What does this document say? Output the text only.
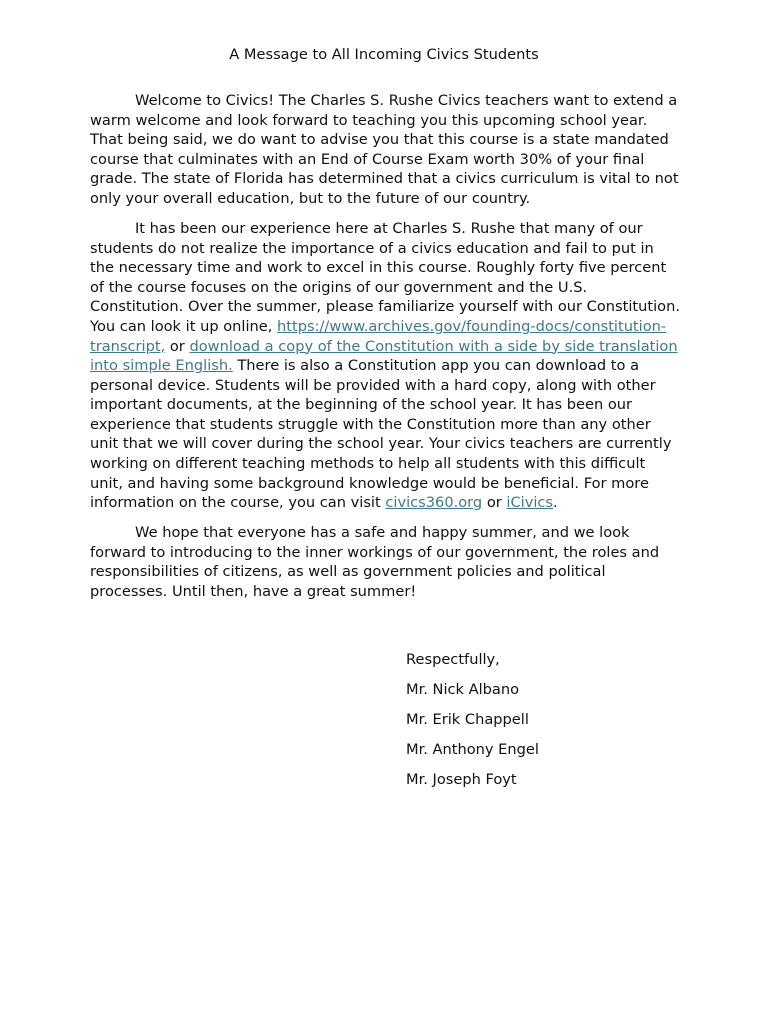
A Message to All Incoming Civics Students

Welcome to Civics! The Charles S. Rushe Civics teachers want to extend a warm welcome and look forward to teaching you this upcoming school year. That being said, we do want to advise you that this course is a state mandated course that culminates with an End of Course Exam worth 30% of your final grade. The state of Florida has determined that a civics curriculum is vital to not only your overall education, but to the future of our country.

It has been our experience here at Charles S. Rushe that many of our students do not realize the importance of a civics education and fail to put in the necessary time and work to excel in this course. Roughly forty five percent of the course focuses on the origins of our government and the U.S. Constitution. Over the summer, please familiarize yourself with our Constitution. You can look it up online, https://www.archives.gov/founding-docs/constitution-transcript, or download a copy of the Constitution with a side by side translation into simple English. There is also a Constitution app you can download to a personal device. Students will be provided with a hard copy, along with other important documents, at the beginning of the school year. It has been our experience that students struggle with the Constitution more than any other unit that we will cover during the school year. Your civics teachers are currently working on different teaching methods to help all students with this difficult unit, and having some background knowledge would be beneficial. For more information on the course, you can visit civics360.org or iCivics.

We hope that everyone has a safe and happy summer, and we look forward to introducing to the inner workings of our government, the roles and responsibilities of citizens, as well as government policies and political processes. Until then, have a great summer!

Respectfully,

Mr. Nick Albano

Mr. Erik Chappell

Mr. Anthony Engel

Mr. Joseph Foyt
